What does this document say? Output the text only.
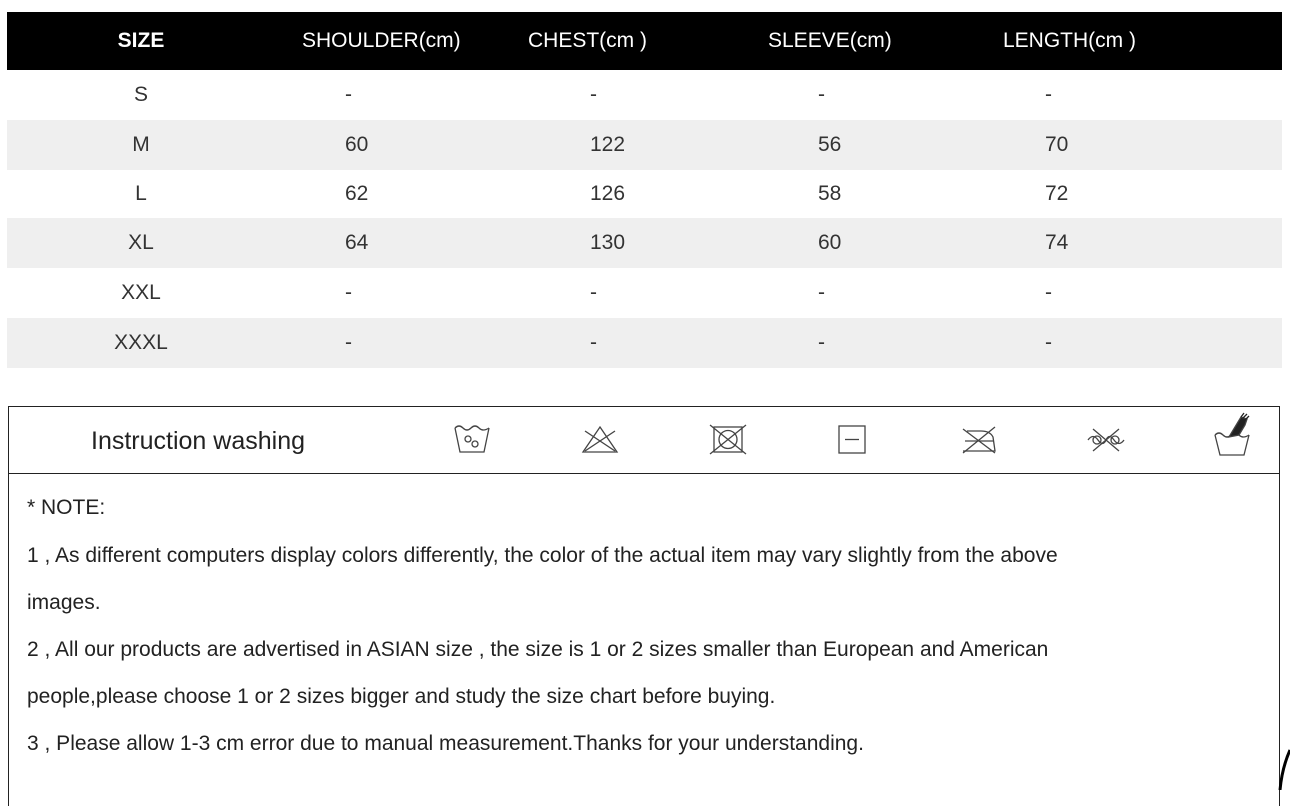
SIZE	SHOULDER(cm)	CHEST(cm )	SLEEVE(cm)	LENGTH(cm )
S	-	-	-	-
M	60	122	56	70
L	62	126	58	72
XL	64	130	60	74
XXL	-	-	-	-
XXXL	-	-	-	-
Instruction washing
* NOTE:
1 , As different computers display colors differently, the color of the actual item may vary slightly from the above
images.
2 , All our products are advertised in ASIAN size , the size is 1 or 2 sizes smaller than European and American
people,please choose 1 or 2 sizes bigger and study the size chart before buying.
3 , Please allow 1-3 cm error due to manual measurement.Thanks for your understanding.
